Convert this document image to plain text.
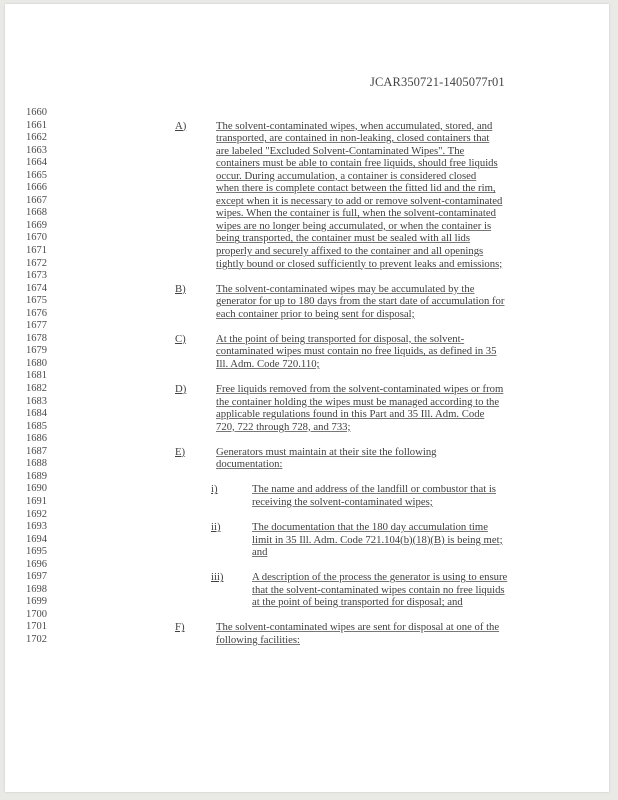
JCAR350721-1405077r01
1660
1661
1662
1663
1664
1665
1666
1667
1668
1669
1670
1671
1672
1673
1674
1675
1676
1677
1678
1679
1680
1681
1682
1683
1684
1685
1686
1687
1688
1689
1690
1691
1692
1693
1694
1695
1696
1697
1698
1699
1700
1701
1702
A)	The solvent-contaminated wipes, when accumulated, stored, and
transported, are contained in non-leaking, closed containers that
are labeled "Excluded Solvent-Contaminated Wipes". The
containers must be able to contain free liquids, should free liquids
occur. During accumulation, a container is considered closed
when there is complete contact between the fitted lid and the rim,
except when it is necessary to add or remove solvent-contaminated
wipes. When the container is full, when the solvent-contaminated
wipes are no longer being accumulated, or when the container is
being transported, the container must be sealed with all lids
properly and securely affixed to the container and all openings
tightly bound or closed sufficiently to prevent leaks and emissions;
B)	The solvent-contaminated wipes may be accumulated by the
generator for up to 180 days from the start date of accumulation for
each container prior to being sent for disposal;
C)	At the point of being transported for disposal, the solvent-
contaminated wipes must contain no free liquids, as defined in 35
Ill. Adm. Code 720.110;
D)	Free liquids removed from the solvent-contaminated wipes or from
the container holding the wipes must be managed according to the
applicable regulations found in this Part and 35 Ill. Adm. Code
720, 722 through 728, and 733;
E)	Generators must maintain at their site the following
documentation:
i)	The name and address of the landfill or combustor that is
receiving the solvent-contaminated wipes;
ii)	The documentation that the 180 day accumulation time
limit in 35 Ill. Adm. Code 721.104(b)(18)(B) is being met;
and
iii)	A description of the process the generator is using to ensure
that the solvent-contaminated wipes contain no free liquids
at the point of being transported for disposal; and
F)	The solvent-contaminated wipes are sent for disposal at one of the
following facilities:
